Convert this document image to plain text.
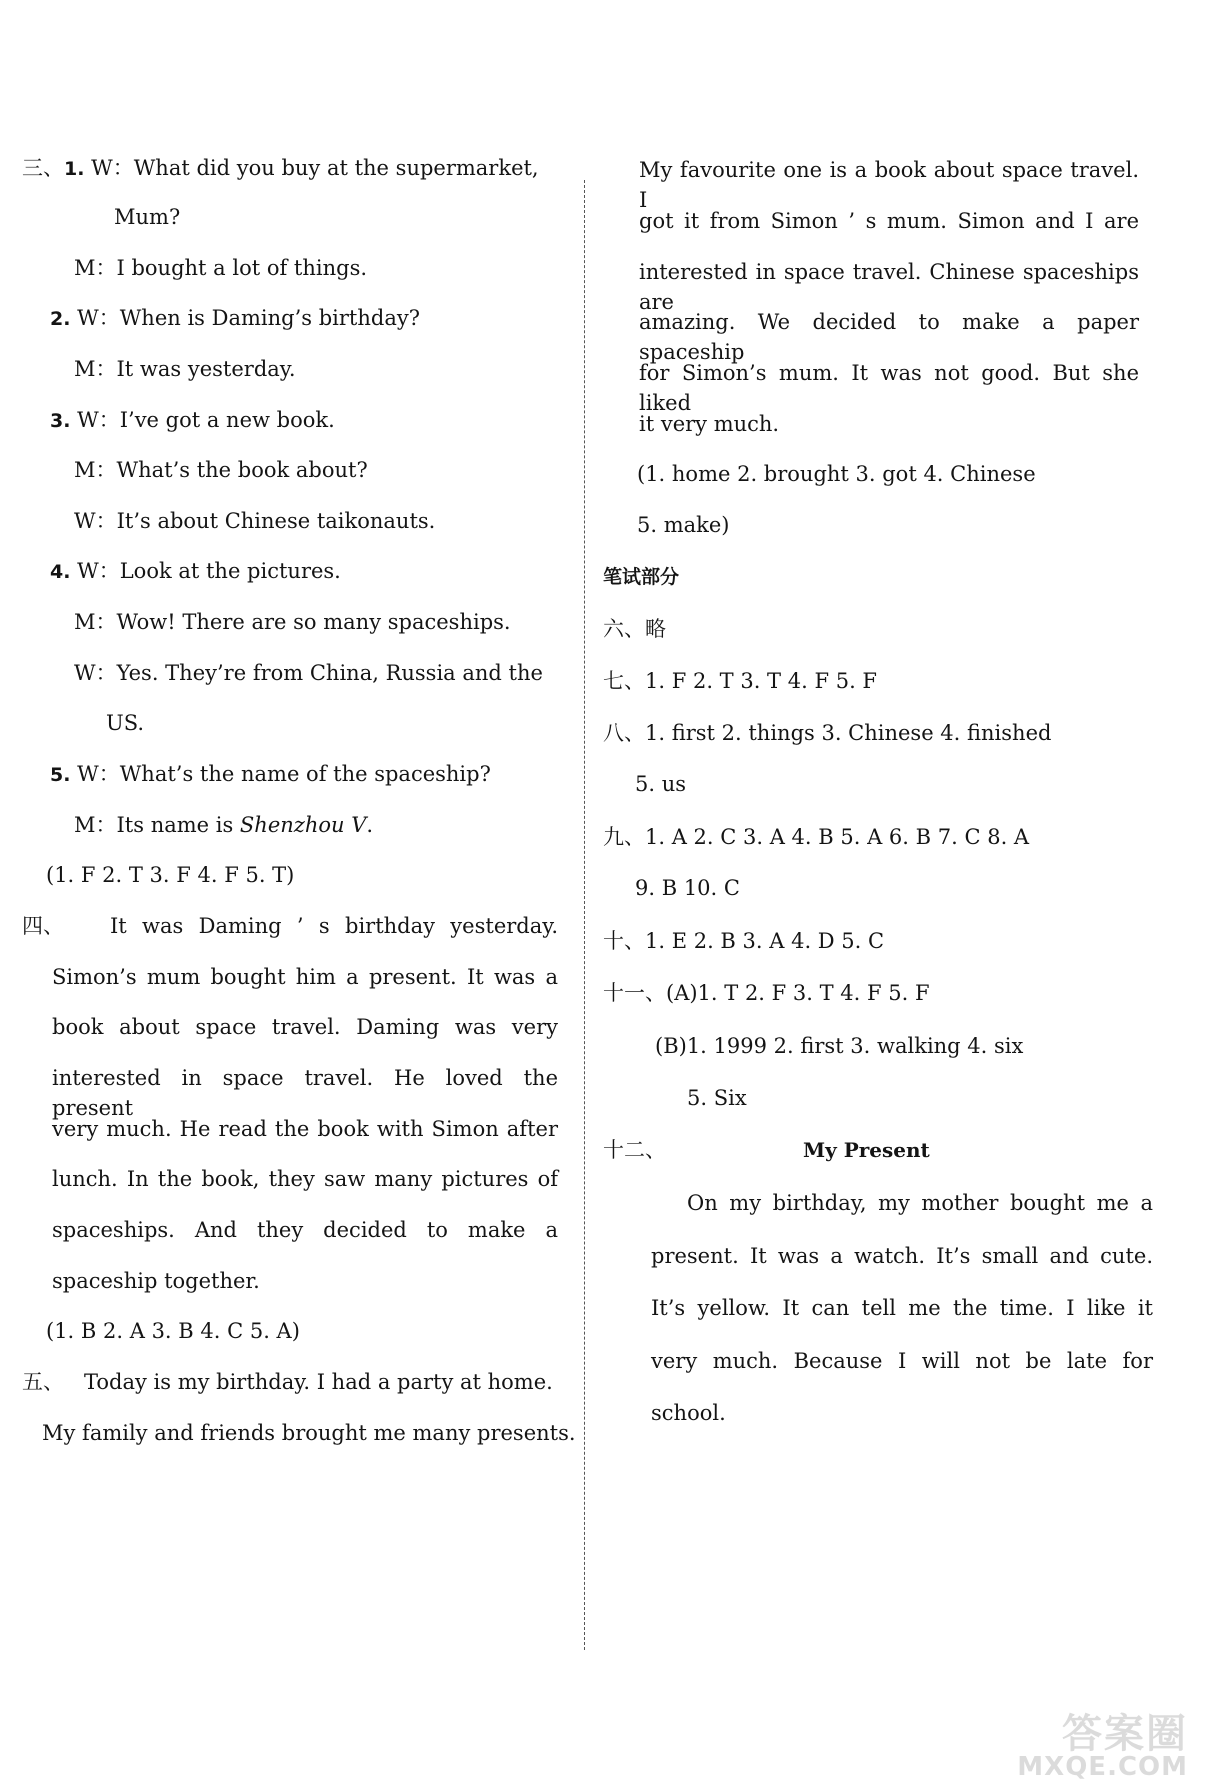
三、1. W：What did you buy at the supermarket,
Mum?
M：I bought a lot of things.
2. W：When is Daming’s birthday?
M：It was yesterday.
3. W：I’ve got a new book.
M：What’s the book about?
W：It’s about Chinese taikonauts.
4. W：Look at the pictures.
M：Wow! There are so many spaceships.
W：Yes. They’re from China, Russia and the
US.
5. W：What’s the name of the spaceship?
M：Its name is Shenzhou V.
(1. F 2. T 3. F 4. F 5. T)
四、 It was Daming ’ s birthday yesterday.
Simon’s mum bought him a present. It was a
book about space travel. Daming was very
interested in space travel. He loved the present
very much. He read the book with Simon after
lunch. In the book, they saw many pictures of
spaceships. And they decided to make a
spaceship together.
(1. B 2. A 3. B 4. C 5. A)
五、 Today is my birthday. I had a party at home.
My family and friends brought me many presents.
My favourite one is a book about space travel. I
got it from Simon ’ s mum. Simon and I are
interested in space travel. Chinese spaceships are
amazing. We decided to make a paper spaceship
for Simon’s mum. It was not good. But she liked
it very much.
(1. home 2. brought 3. got 4. Chinese
5. make)
笔试部分
六、略
七、1. F 2. T 3. T 4. F 5. F
八、1. first 2. things 3. Chinese 4. finished
5. us
九、1. A 2. C 3. A 4. B 5. A 6. B 7. C 8. A
9. B 10. C
十、1. E 2. B 3. A 4. D 5. C
十一、(A)1. T 2. F 3. T 4. F 5. F
(B)1. 1999 2. first 3. walking 4. six
5. Six
十二、	My Present
On my birthday, my mother bought me a
present. It was a watch. It’s small and cute.
It’s yellow. It can tell me the time. I like it
very much. Because I will not be late for
school.
答案圈
MXQE.COM
